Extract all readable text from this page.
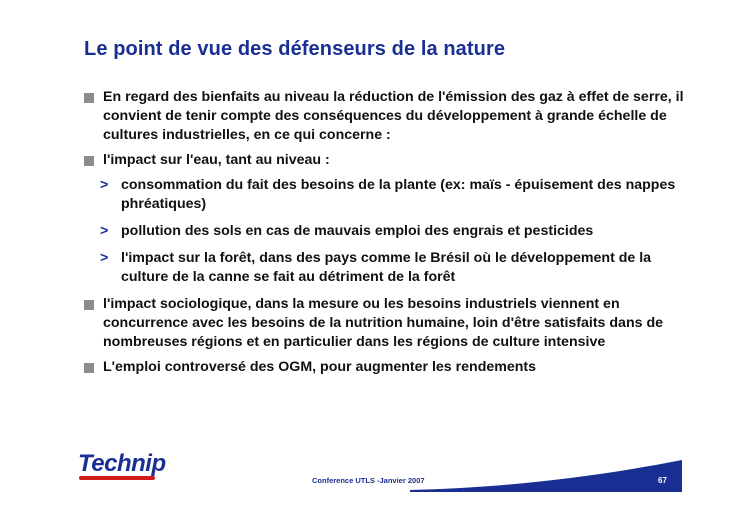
Le point de vue des défenseurs de la nature
En regard des bienfaits au niveau la réduction de l'émission des gaz à effet de serre, il convient de tenir compte des conséquences du développement à grande échelle de cultures industrielles, en ce qui concerne :
l'impact sur l'eau, tant au niveau :
> consommation du fait des besoins de la plante (ex: maïs - épuisement des nappes phréatiques)
> pollution des sols en cas de mauvais emploi des engrais et pesticides
> l'impact sur la forêt, dans des pays comme le Brésil où le développement de la culture de la canne se fait au détriment de la forêt
l'impact sociologique, dans la mesure ou les besoins industriels viennent en concurrence avec les besoins de la nutrition humaine, loin d'être satisfaits dans de nombreuses régions et en particulier dans les régions de culture intensive
L'emploi controversé des OGM, pour augmenter les rendements
Technip
Conference UTLS -Janvier 2007	67
